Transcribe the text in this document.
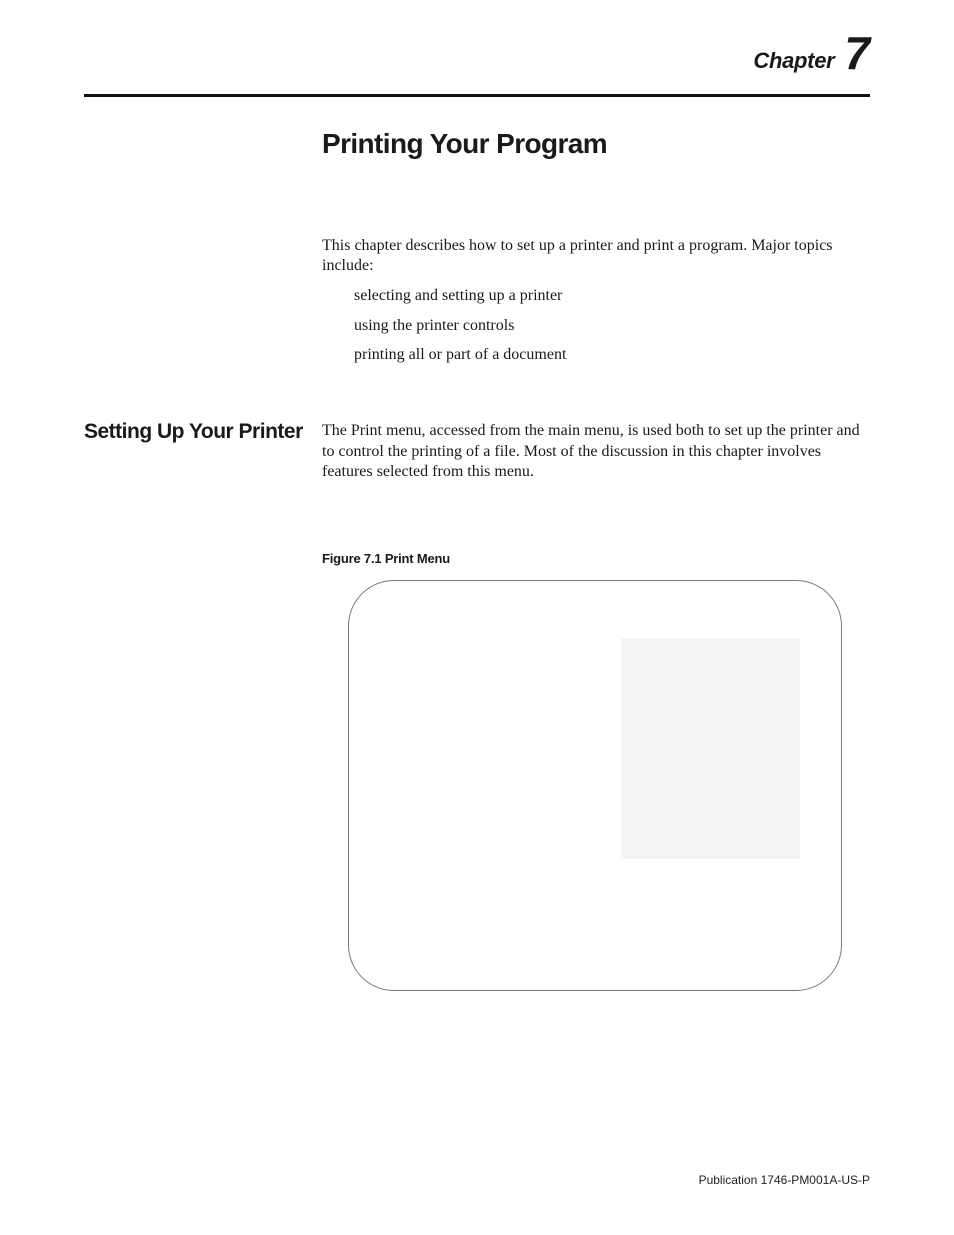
Chapter 7
Printing Your Program

This chapter describes how to set up a printer and print a program. Major topics include:

selecting and setting up a printer
using the printer controls
printing all or part of a document
Setting Up Your Printer The Print menu, accessed from the main menu, is used both to set up the printer and to control the printing of a file. Most of the discussion in this chapter involves features selected from this menu.

Figure 7.1 Print Menu

Publication 1746-PM001A-US-P
